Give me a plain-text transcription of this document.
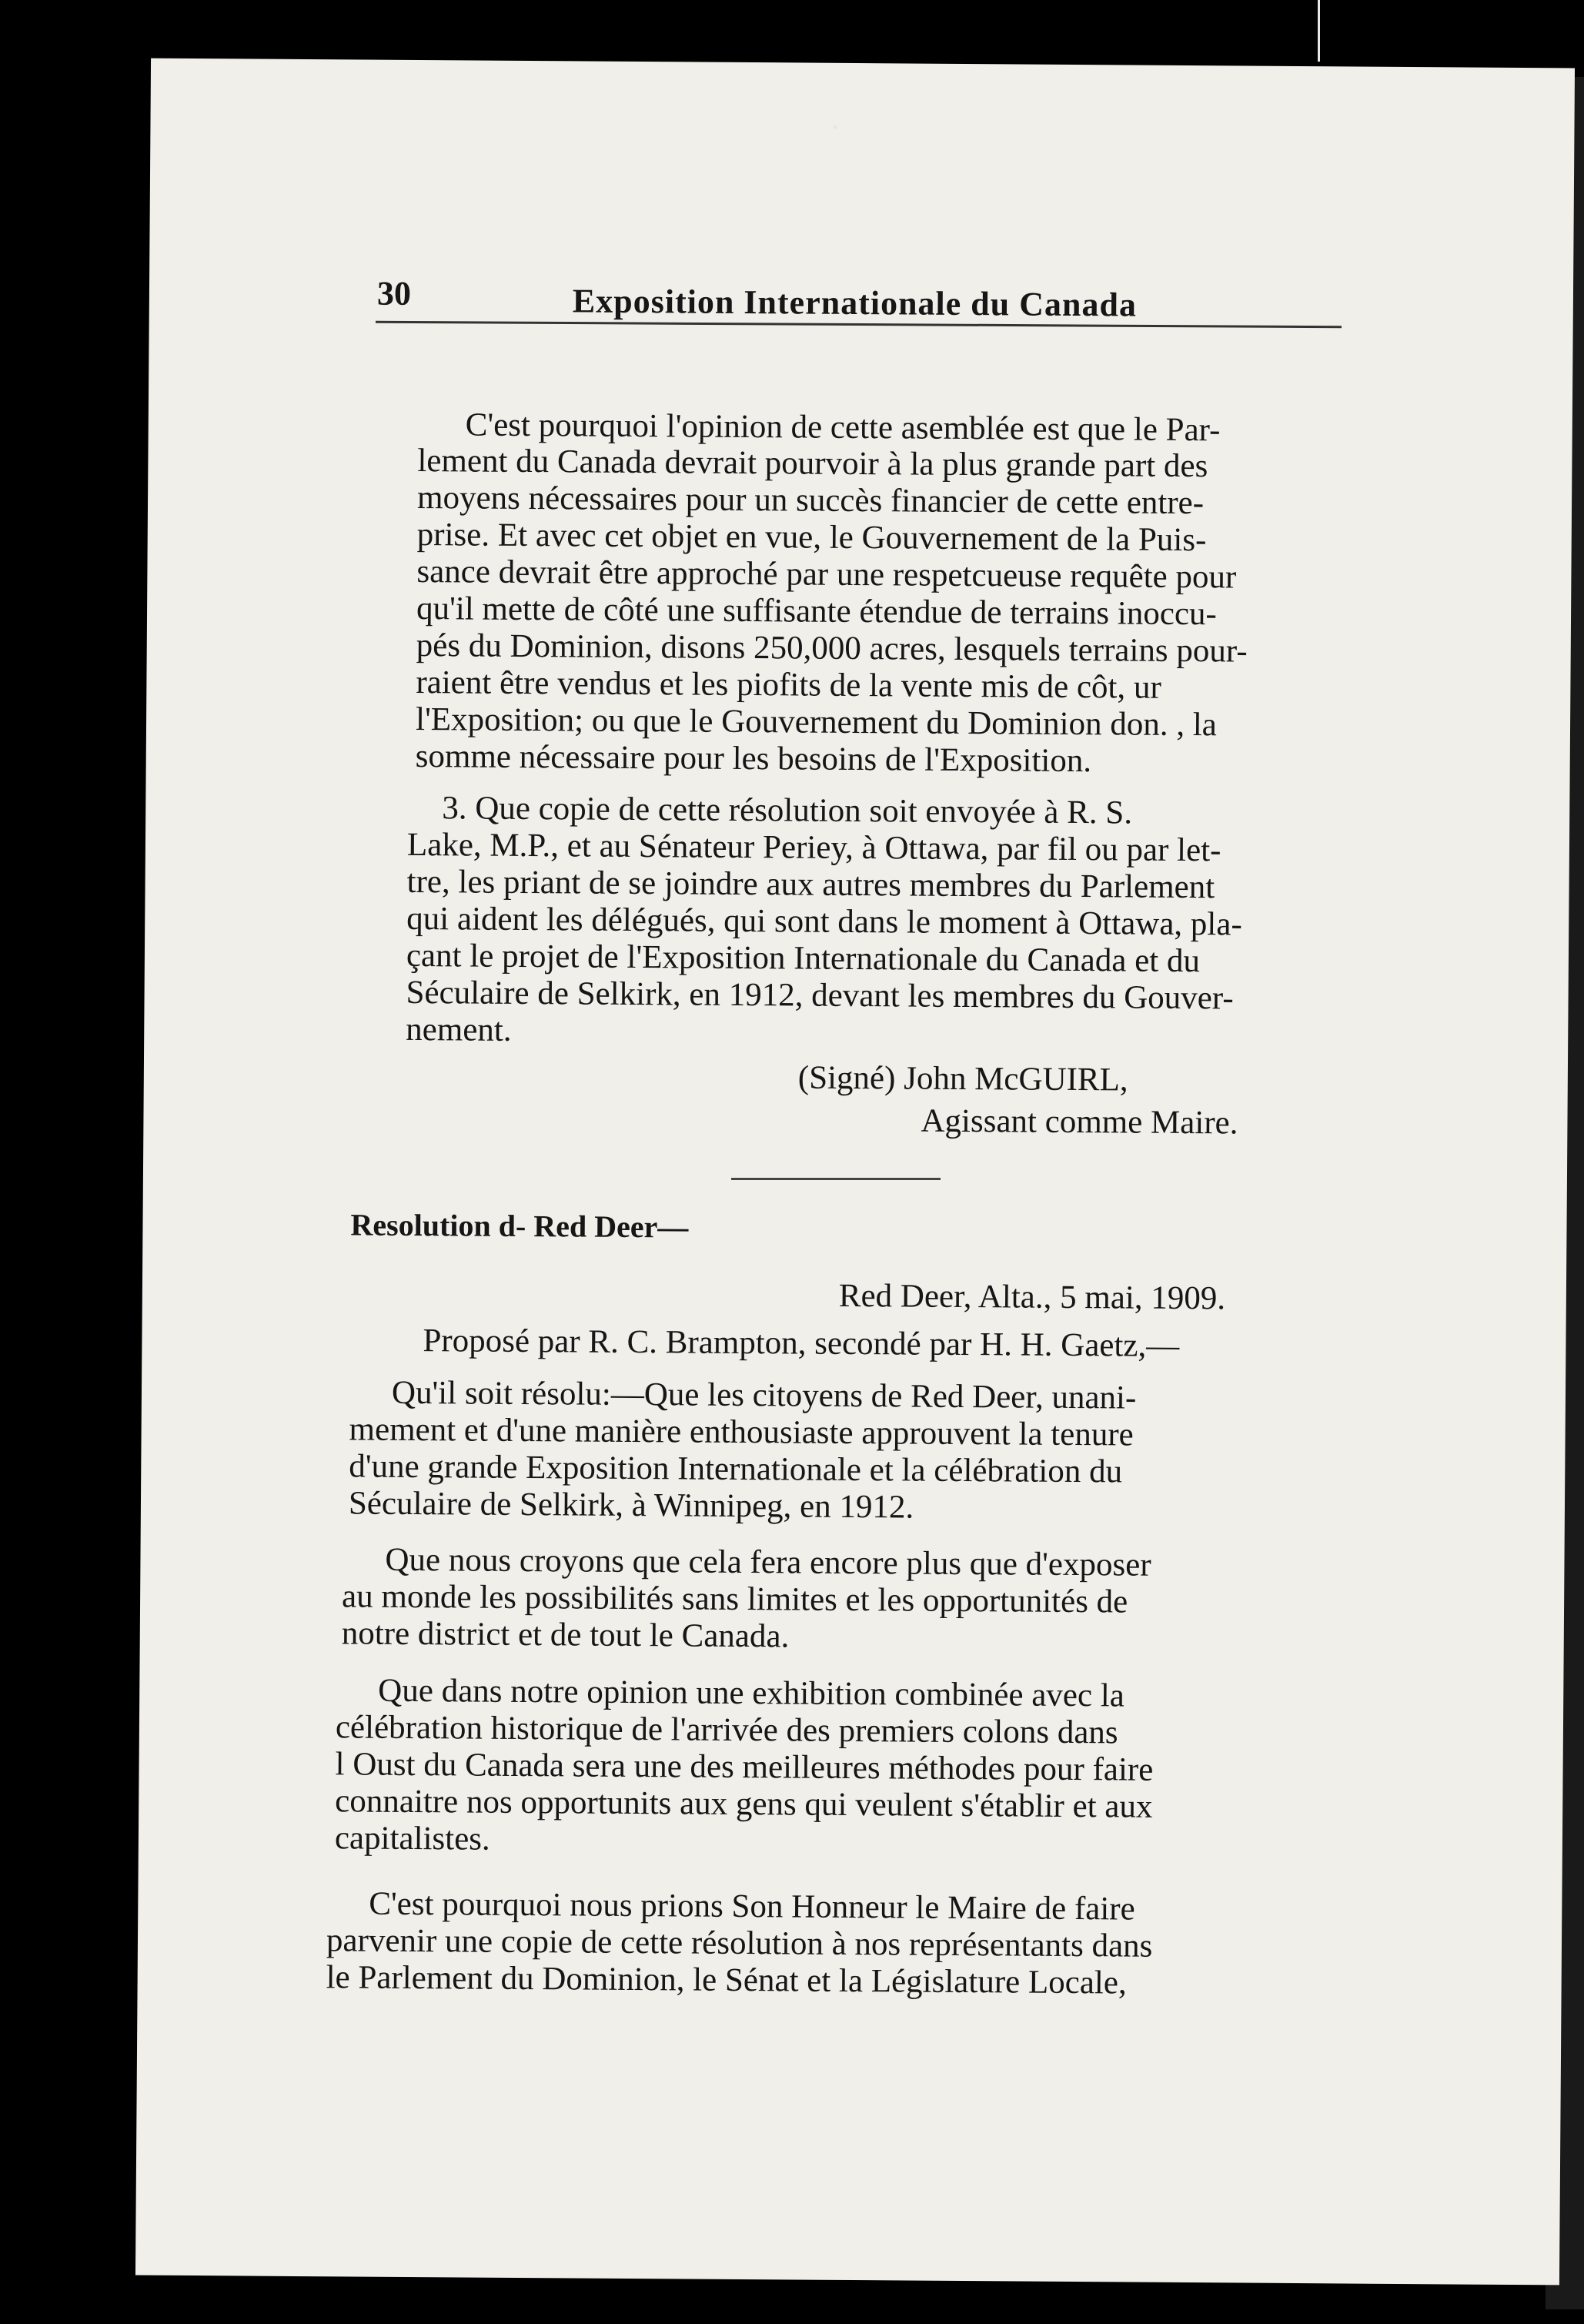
30	Exposition Internationale du Canada
C'est pourquoi l'opinion de cette asemblée est que le Par-
lement du Canada devrait pourvoir à la plus grande part des
moyens nécessaires pour un succès financier de cette entre-
prise. Et avec cet objet en vue, le Gouvernement de la Puis-
sance devrait être approché par une respetcueuse requête pour
qu'il mette de côté une suffisante étendue de terrains inoccu-
pés du Dominion, disons 250,000 acres, lesquels terrains pour-
raient être vendus et les piofits de la vente mis de côt, ur
l'Exposition; ou que le Gouvernement du Dominion don. , la
somme nécessaire pour les besoins de l'Exposition.
3. Que copie de cette résolution soit envoyée à R. S.
Lake, M.P., et au Sénateur Periey, à Ottawa, par fil ou par let-
tre, les priant de se joindre aux autres membres du Parlement
qui aident les délégués, qui sont dans le moment à Ottawa, pla-
çant le projet de l'Exposition Internationale du Canada et du
Séculaire de Selkirk, en 1912, devant les membres du Gouver-
nement.
(Signé) John McGUIRL,
Agissant comme Maire.
Resolution d- Red Deer—
Red Deer, Alta., 5 mai, 1909.
Proposé par R. C. Brampton, secondé par H. H. Gaetz,—
Qu'il soit résolu:—Que les citoyens de Red Deer, unani-
mement et d'une manière enthousiaste approuvent la tenure
d'une grande Exposition Internationale et la célébration du
Séculaire de Selkirk, à Winnipeg, en 1912.
Que nous croyons que cela fera encore plus que d'exposer
au monde les possibilités sans limites et les opportunités de
notre district et de tout le Canada.
Que dans notre opinion une exhibition combinée avec la
célébration historique de l'arrivée des premiers colons dans
l Oust du Canada sera une des meilleures méthodes pour faire
connaitre nos opportunits aux gens qui veulent s'établir et aux
capitalistes.
C'est pourquoi nous prions Son Honneur le Maire de faire
parvenir une copie de cette résolution à nos représentants dans
le Parlement du Dominion, le Sénat et la Législature Locale,
